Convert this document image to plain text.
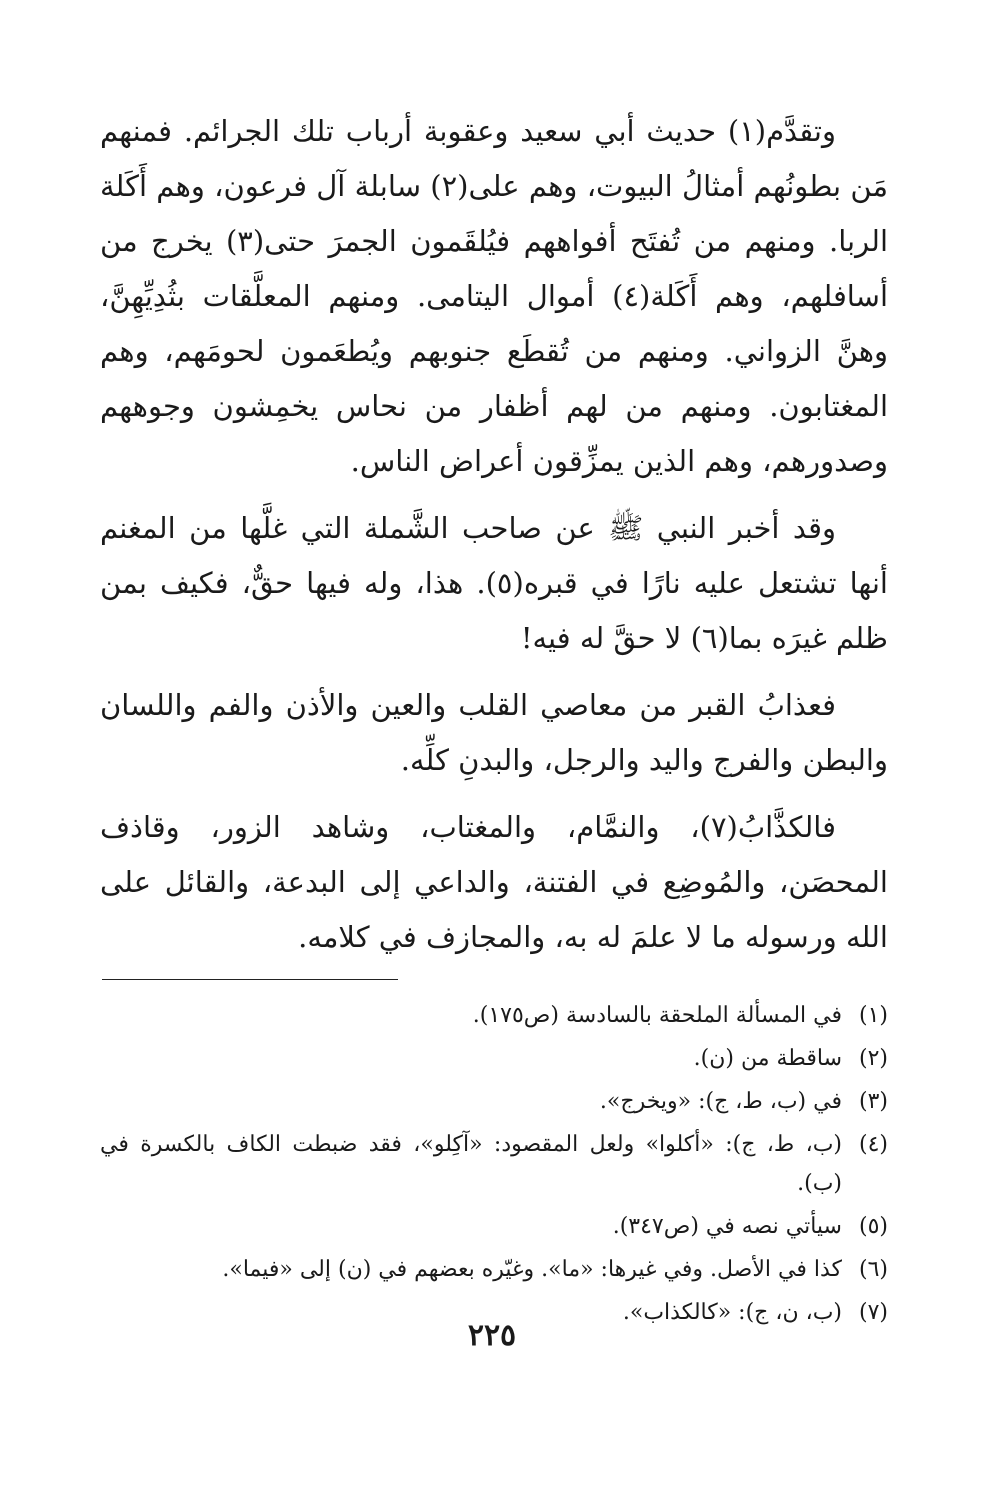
وتقدَّم(١) حديث أبي سعيد وعقوبة أرباب تلك الجرائم. فمنهم مَن بطونُهم أمثالُ البيوت، وهم على(٢) سابلة آل فرعون، وهم أَكَلة الربا. ومنهم من تُفتَح أفواههم فيُلقَمون الجمرَ حتى(٣) يخرج من أسافلهم، وهم أَكَلة(٤) أموال اليتامى. ومنهم المعلَّقات بثُدِيِّهِنَّ، وهنَّ الزواني. ومنهم من تُقطَع جنوبهم ويُطعَمون لحومَهم، وهم المغتابون. ومنهم من لهم أظفار من نحاس يخمِشون وجوههم وصدورهم، وهم الذين يمزِّقون أعراض الناس.

وقد أخبر النبي ﷺ عن صاحب الشَّملة التي غلَّها من المغنم أنها تشتعل عليه نارًا في قبره(٥). هذا، وله فيها حقٌّ، فكيف بمن ظلم غيرَه بما(٦) لا حقَّ له فيه!

فعذابُ القبر من معاصي القلب والعين والأذن والفم واللسان والبطن والفرج واليد والرجل، والبدنِ كلِّه.

فالكذَّابُ(٧)، والنمَّام، والمغتاب، وشاهد الزور، وقاذف المحصَن، والمُوضِع في الفتنة، والداعي إلى البدعة، والقائل على الله ورسوله ما لا علمَ له به، والمجازف في كلامه.

(١)
في المسألة الملحقة بالسادسة (ص١٧٥).
(٢)
ساقطة من (ن).
(٣)
في (ب، ط، ج): «ويخرج».
(٤)
(ب، ط، ج): «أكلوا» ولعل المقصود: «آكِلو»، فقد ضبطت الكاف بالكسرة في (ب).
(٥)
سيأتي نصه في (ص٣٤٧).
(٦)
كذا في الأصل. وفي غيرها: «ما». وغيّره بعضهم في (ن) إلى «فيما».
(٧)
(ب، ن، ج): «كالكذاب».
٢٢٥
